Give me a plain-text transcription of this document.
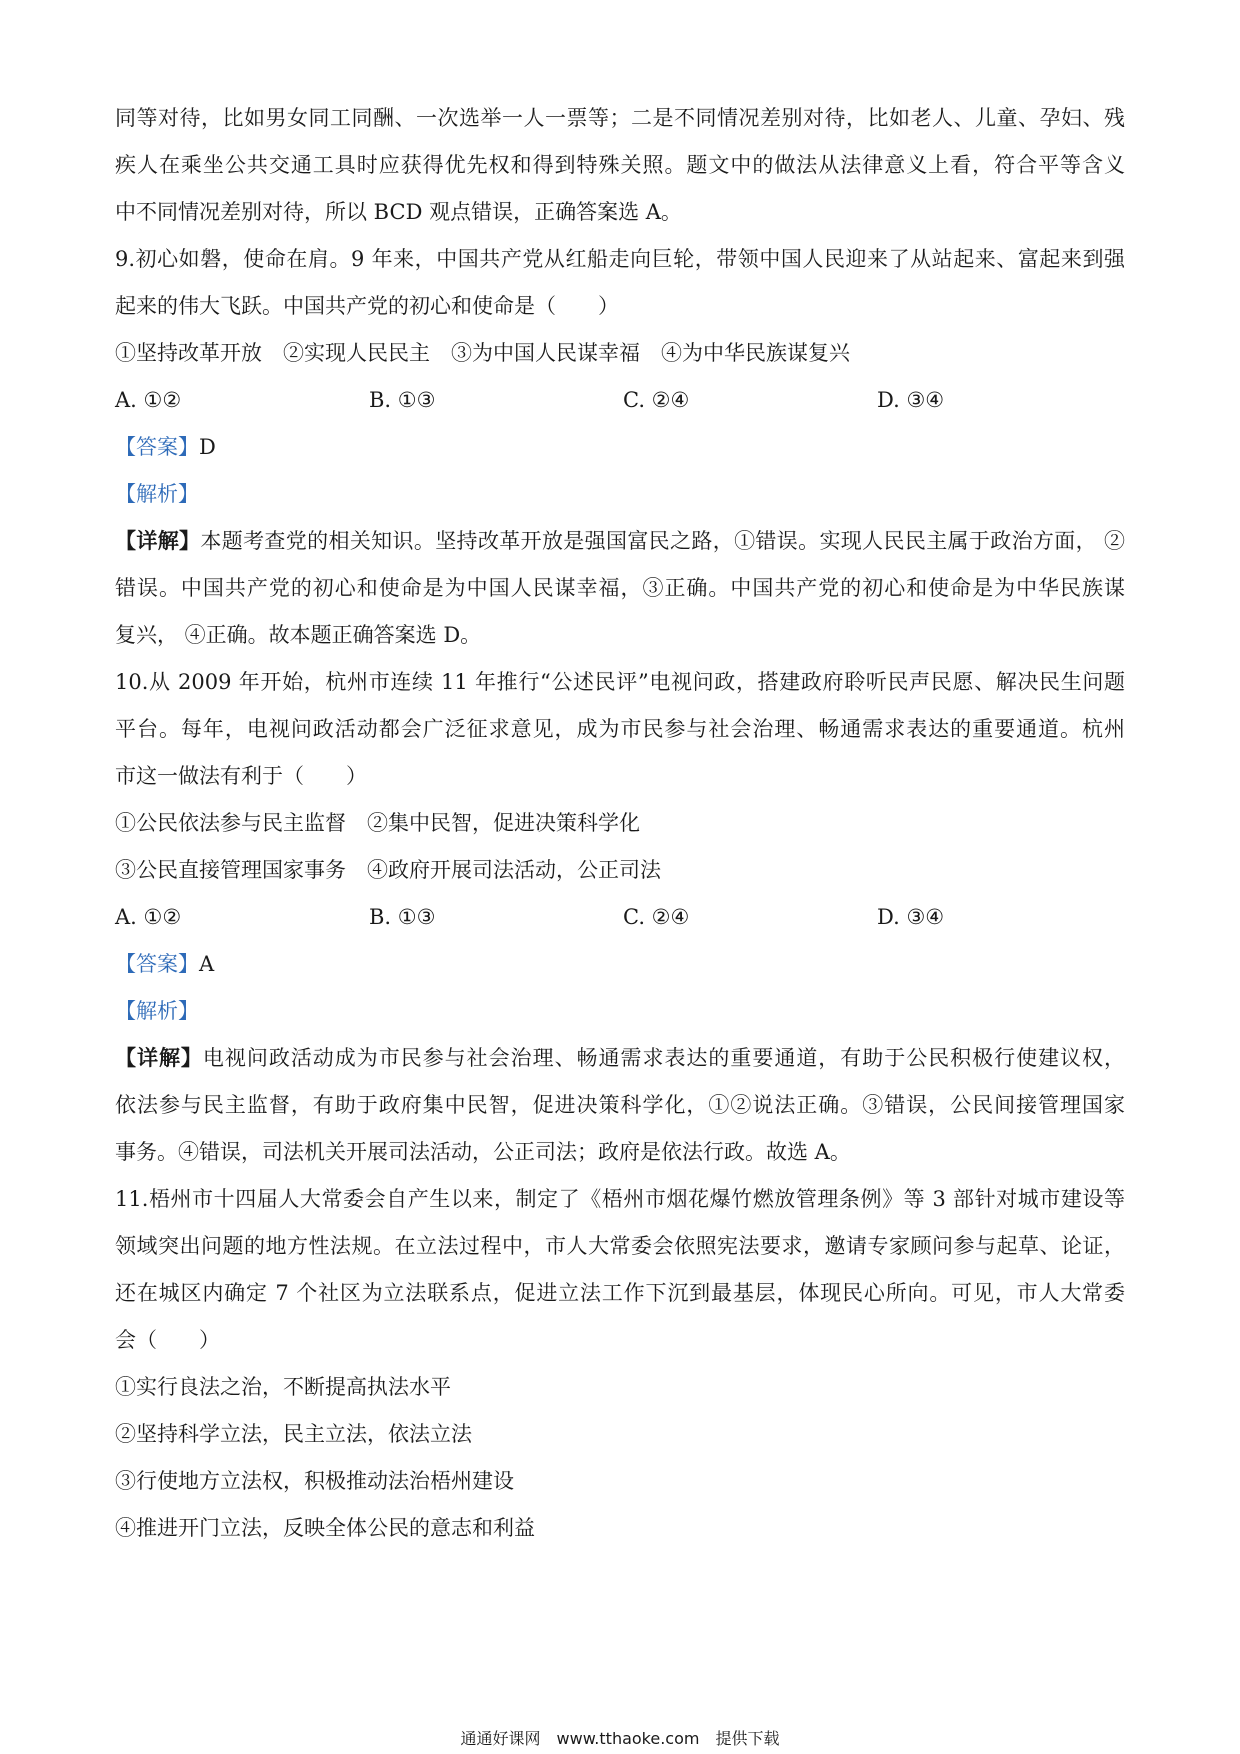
同等对待，比如男女同工同酬、一次选举一人一票等；二是不同情况差别对待，比如老人、儿童、孕妇、残
疾人在乘坐公共交通工具时应获得优先权和得到特殊关照。题文中的做法从法律意义上看，符合平等含义
中不同情况差别对待，所以 BCD 观点错误，正确答案选 A。
9.初心如磐，使命在肩。9 年来，中国共产党从红船走向巨轮，带领中国人民迎来了从站起来、富起来到强
起来的伟大飞跃。中国共产党的初心和使命是（　　）
①坚持改革开放　②实现人民民主　③为中国人民谋幸福　④为中华民族谋复兴
A. ①②	B. ①③	C. ②④	D. ③④
【答案】D
【解析】
【详解】本题考查党的相关知识。坚持改革开放是强国富民之路，①错误。实现人民民主属于政治方面， ②
错误。中国共产党的初心和使命是为中国人民谋幸福，③正确。中国共产党的初心和使命是为中华民族谋
复兴， ④正确。故本题正确答案选 D。
10.从 2009 年开始，杭州市连续 11 年推行“公述民评”电视问政，搭建政府聆听民声民愿、解决民生问题
平台。每年，电视问政活动都会广泛征求意见，成为市民参与社会治理、畅通需求表达的重要通道。杭州
市这一做法有利于（　　）
①公民依法参与民主监督　②集中民智，促进决策科学化
③公民直接管理国家事务　④政府开展司法活动，公正司法
A. ①②	B. ①③	C. ②④	D. ③④
【答案】A
【解析】
【详解】电视问政活动成为市民参与社会治理、畅通需求表达的重要通道，有助于公民积极行使建议权，
依法参与民主监督，有助于政府集中民智，促进决策科学化，①②说法正确。③错误，公民间接管理国家
事务。④错误，司法机关开展司法活动，公正司法；政府是依法行政。故选 A。
11.梧州市十四届人大常委会自产生以来，制定了《梧州市烟花爆竹燃放管理条例》等 3 部针对城市建设等
领域突出问题的地方性法规。在立法过程中，市人大常委会依照宪法要求，邀请专家顾问参与起草、论证，
还在城区内确定 7 个社区为立法联系点，促进立法工作下沉到最基层，体现民心所向。可见，市人大常委
会（　　）
①实行良法之治，不断提高执法水平
②坚持科学立法，民主立法，依法立法
③行使地方立法权，积极推动法治梧州建设
④推进开门立法，反映全体公民的意志和利益
通通好课网　www.tthaoke.com　提供下载
